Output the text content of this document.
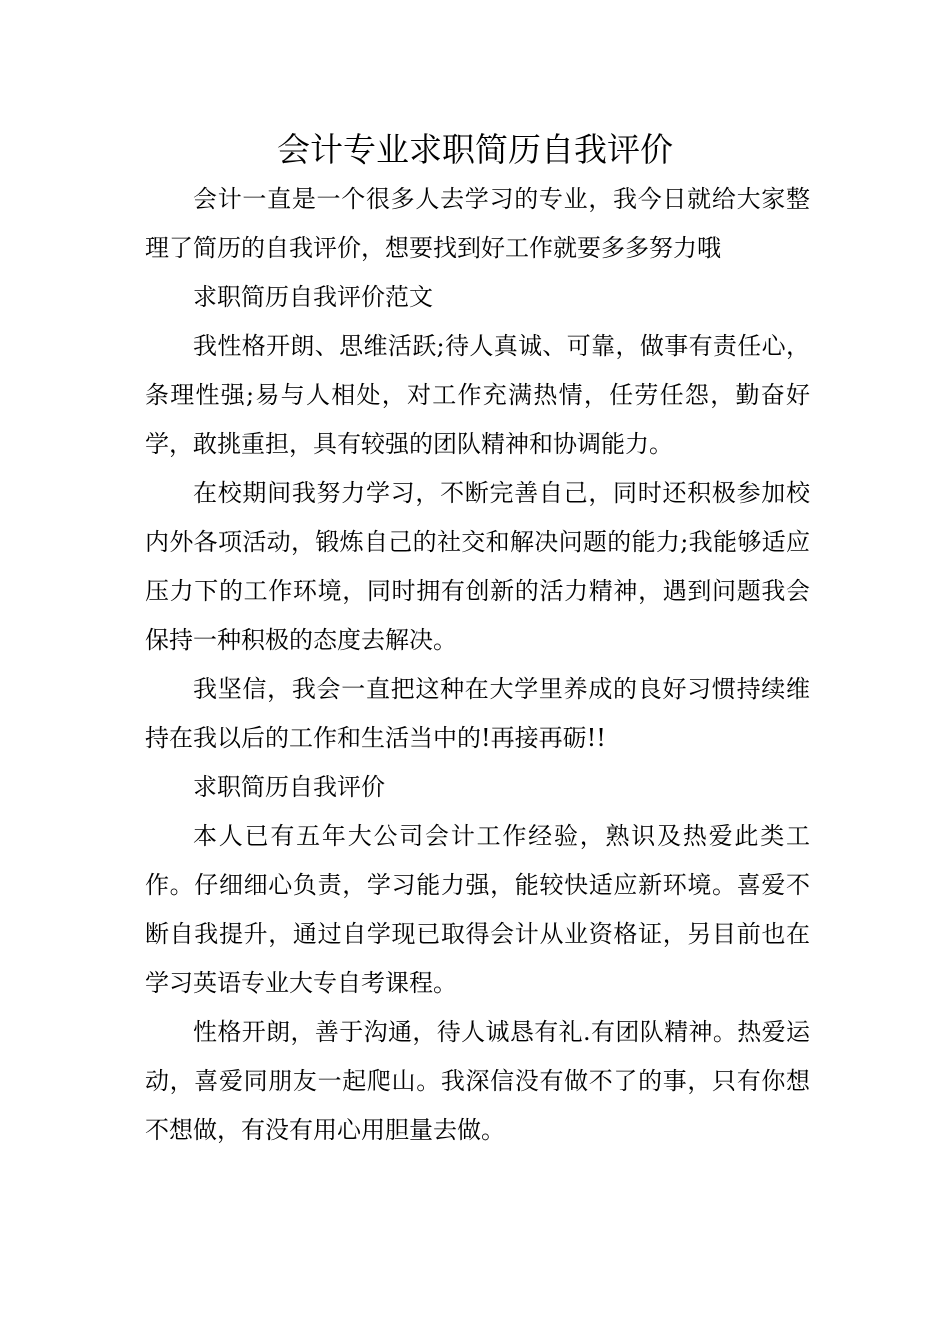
会计专业求职简历自我评价

会计一直是一个很多人去学习的专业，我今日就给大家整理了简历的自我评价，想要找到好工作就要多多努力哦

求职简历自我评价范文

我性格开朗、思维活跃;待人真诚、可靠，做事有责任心，条理性强;易与人相处，对工作充满热情，任劳任怨，勤奋好学，敢挑重担，具有较强的团队精神和协调能力。

在校期间我努力学习，不断完善自己，同时还积极参加校内外各项活动，锻炼自己的社交和解决问题的能力;我能够适应压力下的工作环境，同时拥有创新的活力精神，遇到问题我会保持一种积极的态度去解决。

我坚信，我会一直把这种在大学里养成的良好习惯持续维持在我以后的工作和生活当中的!再接再砺!!

求职简历自我评价

本人已有五年大公司会计工作经验，熟识及热爱此类工作。仔细细心负责，学习能力强，能较快适应新环境。喜爱不断自我提升，通过自学现已取得会计从业资格证，另目前也在学习英语专业大专自考课程。

性格开朗，善于沟通，待人诚恳有礼.有团队精神。热爱运动，喜爱同朋友一起爬山。我深信没有做不了的事，只有你想不想做，有没有用心用胆量去做。
